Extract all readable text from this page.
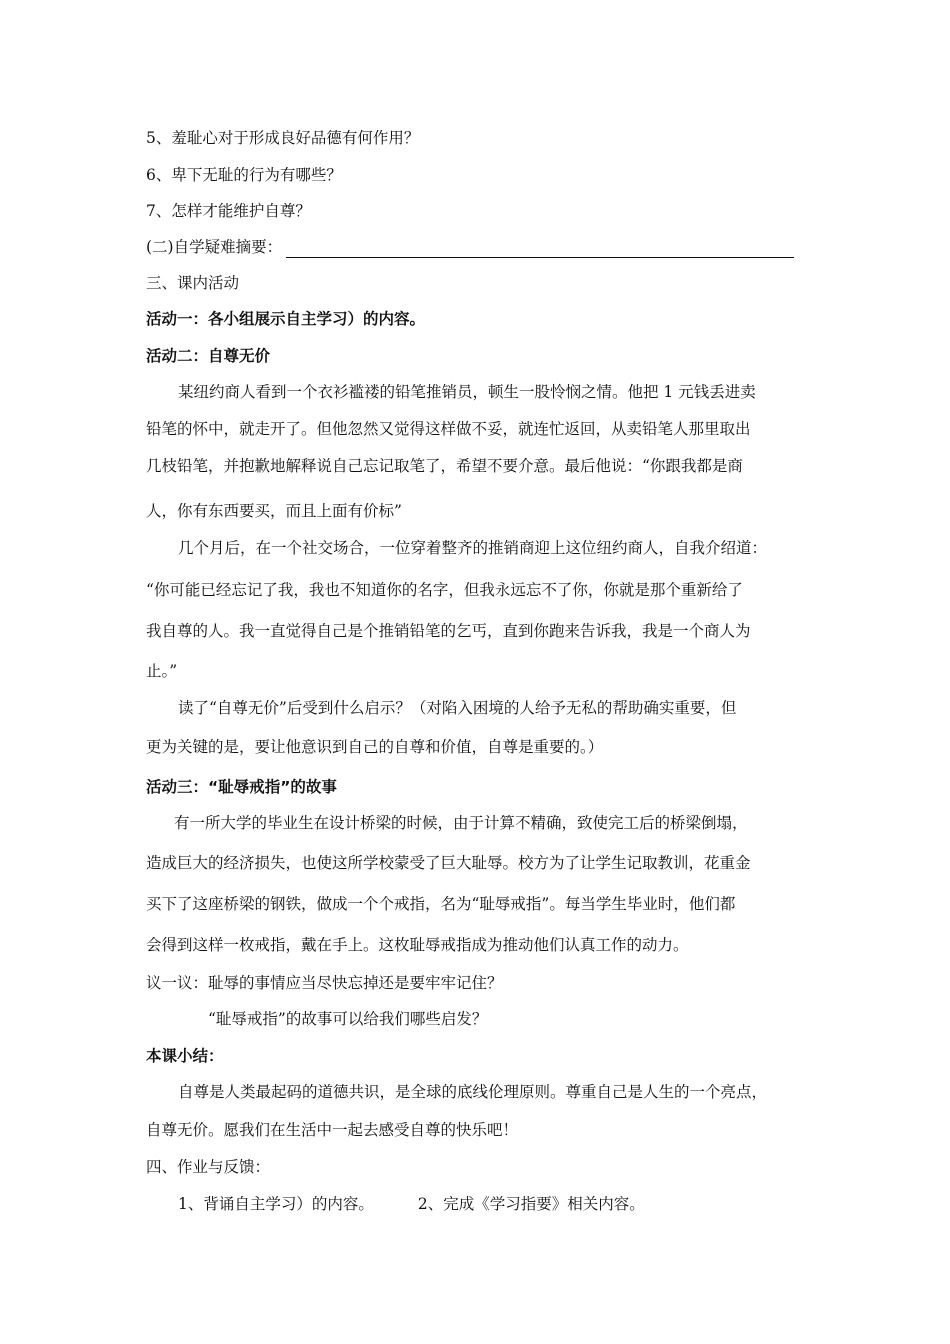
5、羞耻心对于形成良好品德有何作用？
6、卑下无耻的行为有哪些？
7、怎样才能维护自尊？
(二)自学疑难摘要：
三、课内活动
活动一：各小组展示自主学习）的内容。
活动二：自尊无价
某纽约商人看到一个衣衫褴褛的铅笔推销员，顿生一股怜悯之情。他把 1 元钱丢进卖
铅笔的怀中，就走开了。但他忽然又觉得这样做不妥，就连忙返回，从卖铅笔人那里取出
几枝铅笔，并抱歉地解释说自己忘记取笔了，希望不要介意。最后他说：“你跟我都是商
人，你有东西要买，而且上面有价标”
几个月后，在一个社交场合，一位穿着整齐的推销商迎上这位纽约商人，自我介绍道：
“你可能已经忘记了我，我也不知道你的名字，但我永远忘不了你，你就是那个重新给了
我自尊的人。我一直觉得自己是个推销铅笔的乞丐，直到你跑来告诉我，我是一个商人为
止。”
读了“自尊无价”后受到什么启示？（对陷入困境的人给予无私的帮助确实重要，但
更为关键的是，要让他意识到自己的自尊和价值，自尊是重要的。）
活动三：“耻辱戒指”的故事
有一所大学的毕业生在设计桥梁的时候，由于计算不精确，致使完工后的桥梁倒塌，
造成巨大的经济损失，也使这所学校蒙受了巨大耻辱。校方为了让学生记取教训，花重金
买下了这座桥梁的钢铁，做成一个个戒指，名为“耻辱戒指”。每当学生毕业时，他们都
会得到这样一枚戒指，戴在手上。这枚耻辱戒指成为推动他们认真工作的动力。
议一议：耻辱的事情应当尽快忘掉还是要牢牢记住？
“耻辱戒指”的故事可以给我们哪些启发？
本课小结：
自尊是人类最起码的道德共识，是全球的底线伦理原则。尊重自己是人生的一个亮点，
自尊无价。愿我们在生活中一起去感受自尊的快乐吧！
四、作业与反馈：
1、背诵自主学习）的内容。	2、完成《学习指要》相关内容。
